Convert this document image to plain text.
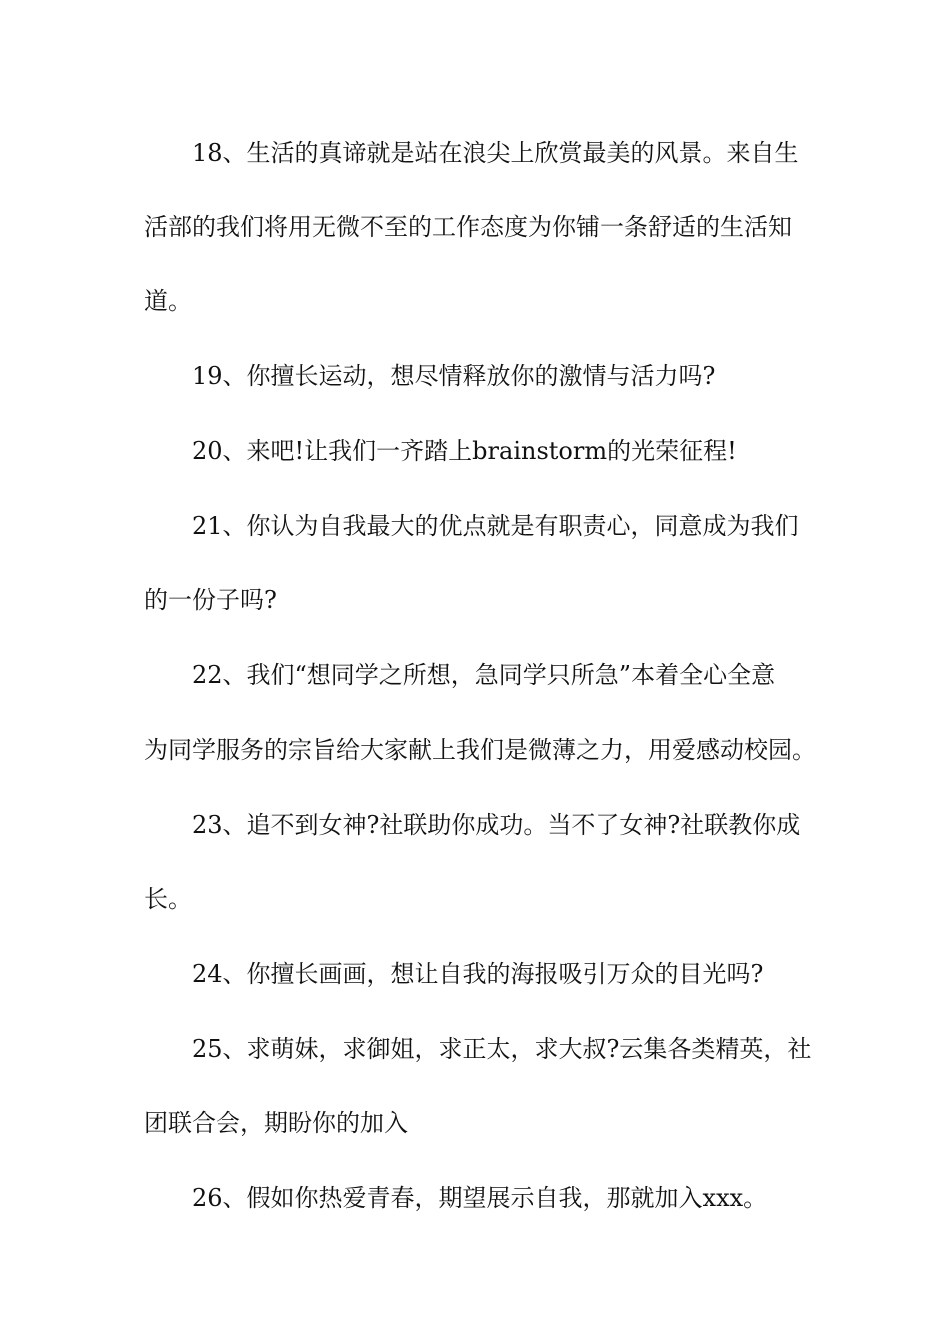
18、生活的真谛就是站在浪尖上欣赏最美的风景。来自生
活部的我们将用无微不至的工作态度为你铺一条舒适的生活知
道。
19、你擅长运动，想尽情释放你的激情与活力吗?
20、来吧!让我们一齐踏上brainstorm的光荣征程!
21、你认为自我最大的优点就是有职责心，同意成为我们
的一份子吗?
22、我们“想同学之所想，急同学只所急”本着全心全意
为同学服务的宗旨给大家献上我们是微薄之力，用爱感动校园。
23、追不到女神?社联助你成功。当不了女神?社联教你成
长。
24、你擅长画画，想让自我的海报吸引万众的目光吗?
25、求萌妹，求御姐，求正太，求大叔?云集各类精英，社
团联合会，期盼你的加入
26、假如你热爱青春，期望展示自我，那就加入xxx。
